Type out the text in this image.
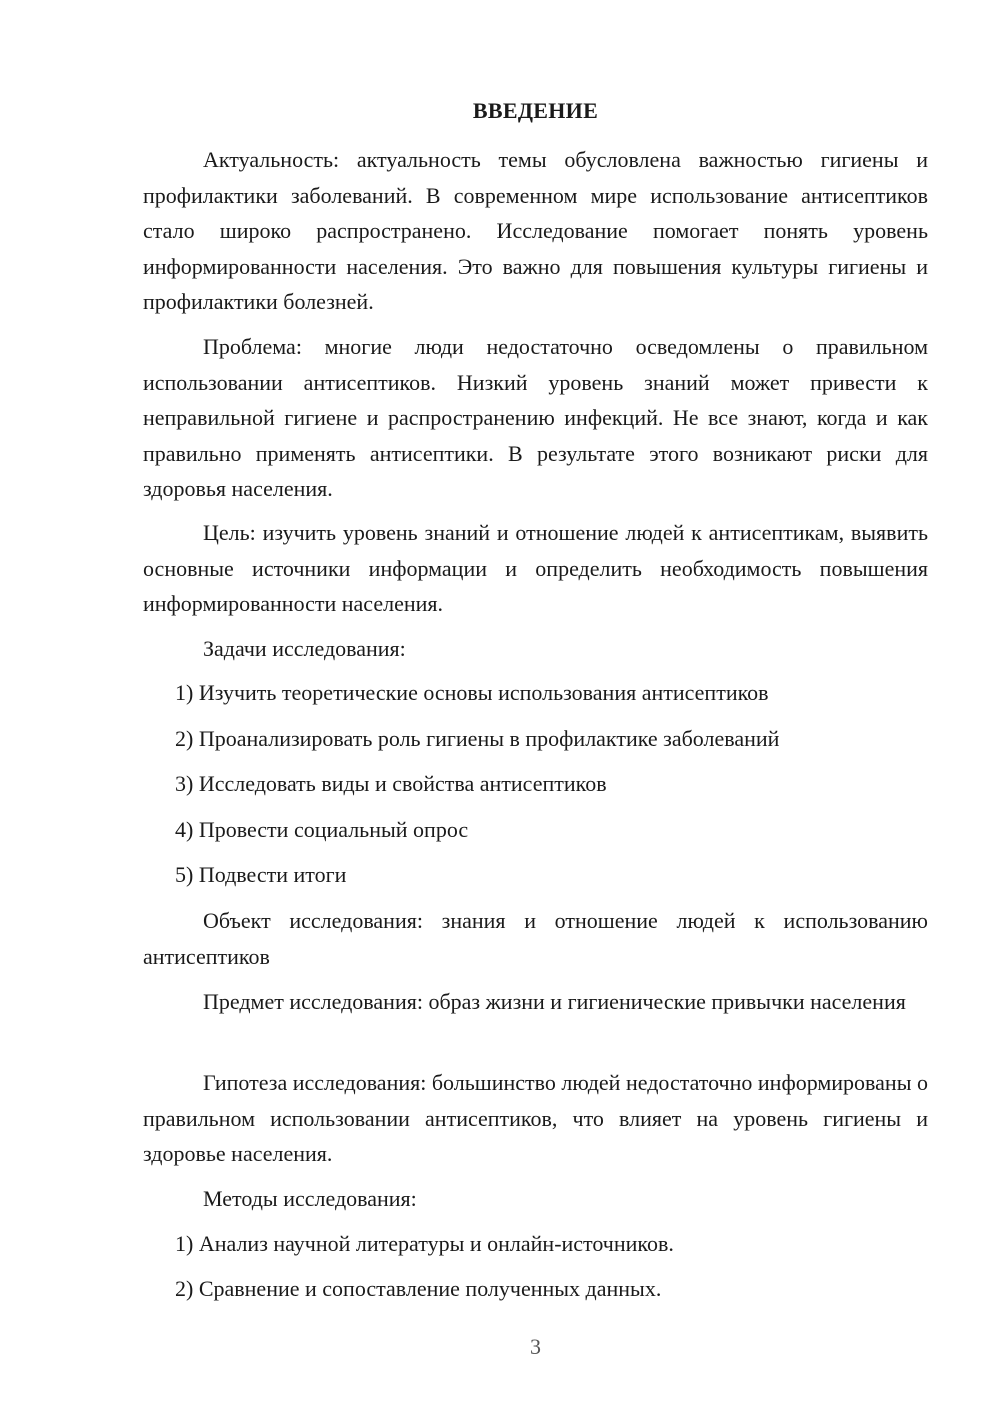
ВВЕДЕНИЕ

Актуальность: актуальность темы обусловлена важностью гигиены и профилактики заболеваний. В современном мире использование антисептиков стало широко распространено. Исследование помогает понять уровень информированности населения. Это важно для повышения культуры гигиены и профилактики болезней.

Проблема: многие люди недостаточно осведомлены о правильном использовании антисептиков. Низкий уровень знаний может привести к неправильной гигиене и распространению инфекций. Не все знают, когда и как правильно применять антисептики. В результате этого возникают риски для здоровья населения.

Цель: изучить уровень знаний и отношение людей к антисептикам, выявить основные источники информации и определить необходимость повышения информированности населения.

Задачи исследования:

1) Изучить теоретические основы использования антисептиков

2) Проанализировать роль гигиены в профилактике заболеваний

3) Исследовать виды и свойства антисептиков

4) Провести социальный опрос

5) Подвести итоги

Объект исследования: знания и отношение людей к использованию антисептиков

Предмет исследования: образ жизни и гигиенические привычки населения

Гипотеза исследования: большинство людей недостаточно информированы о правильном использовании антисептиков, что влияет на уровень гигиены и здоровье населения.

Методы исследования:

1) Анализ научной литературы и онлайн-источников.

2) Сравнение и сопоставление полученных данных.

3
